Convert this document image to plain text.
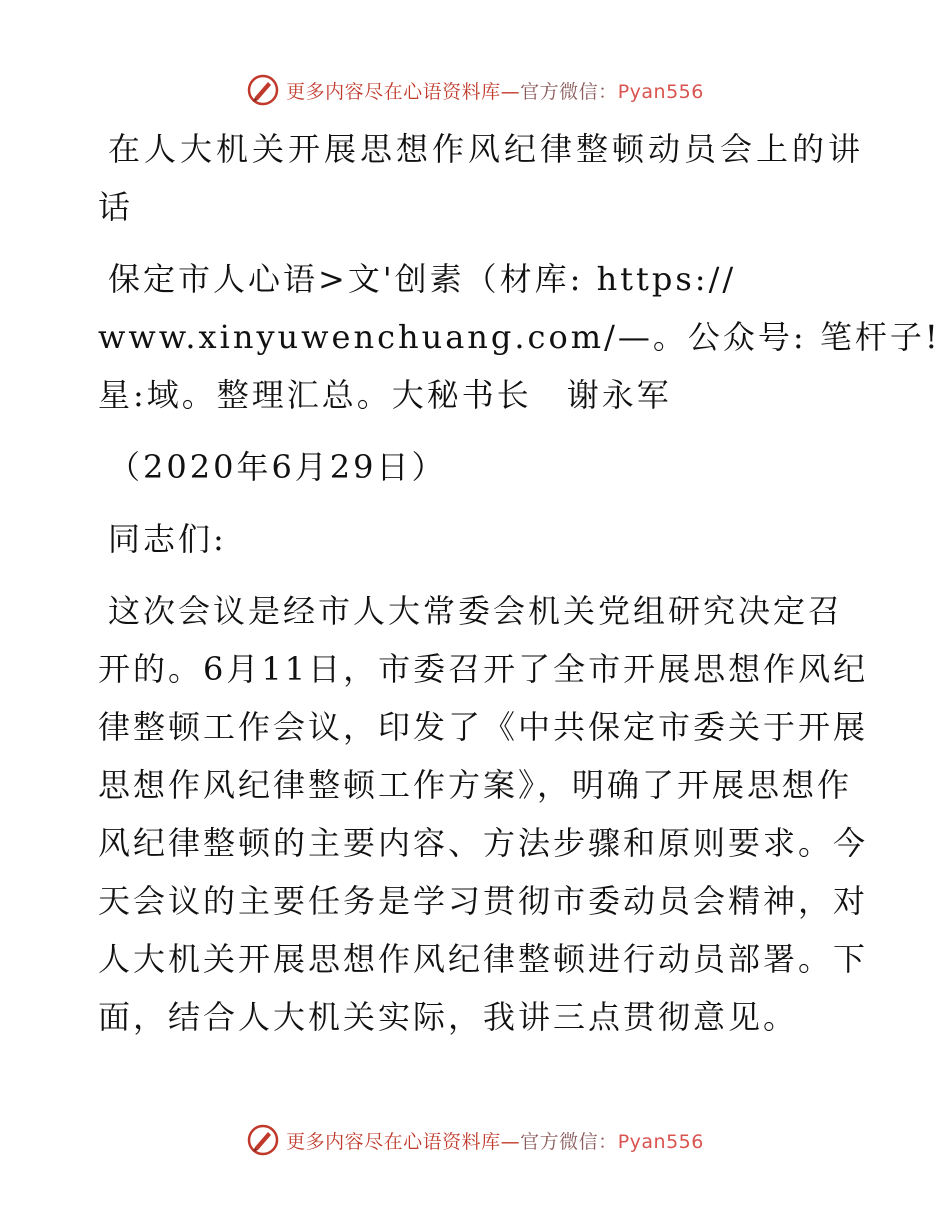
更多内容尽在心语资料库—官方微信：Pyan556
在人大机关开展思想作风纪律整顿动员会上的讲
话
保定市人心语>文'创素（材库: https://
www.xinyuwenchuang.com/—。公众号: 笔杆子!
星:域。整理汇总。大秘书长　谢永军
（2020年6月29日）
同志们:
这次会议是经市人大常委会机关党组研究决定召
开的。6月11日，市委召开了全市开展思想作风纪
律整顿工作会议，印发了《中共保定市委关于开展
思想作风纪律整顿工作方案》，明确了开展思想作
风纪律整顿的主要内容、方法步骤和原则要求。今
天会议的主要任务是学习贯彻市委动员会精神，对
人大机关开展思想作风纪律整顿进行动员部署。下
面，结合人大机关实际，我讲三点贯彻意见。
更多内容尽在心语资料库—官方微信：Pyan556
